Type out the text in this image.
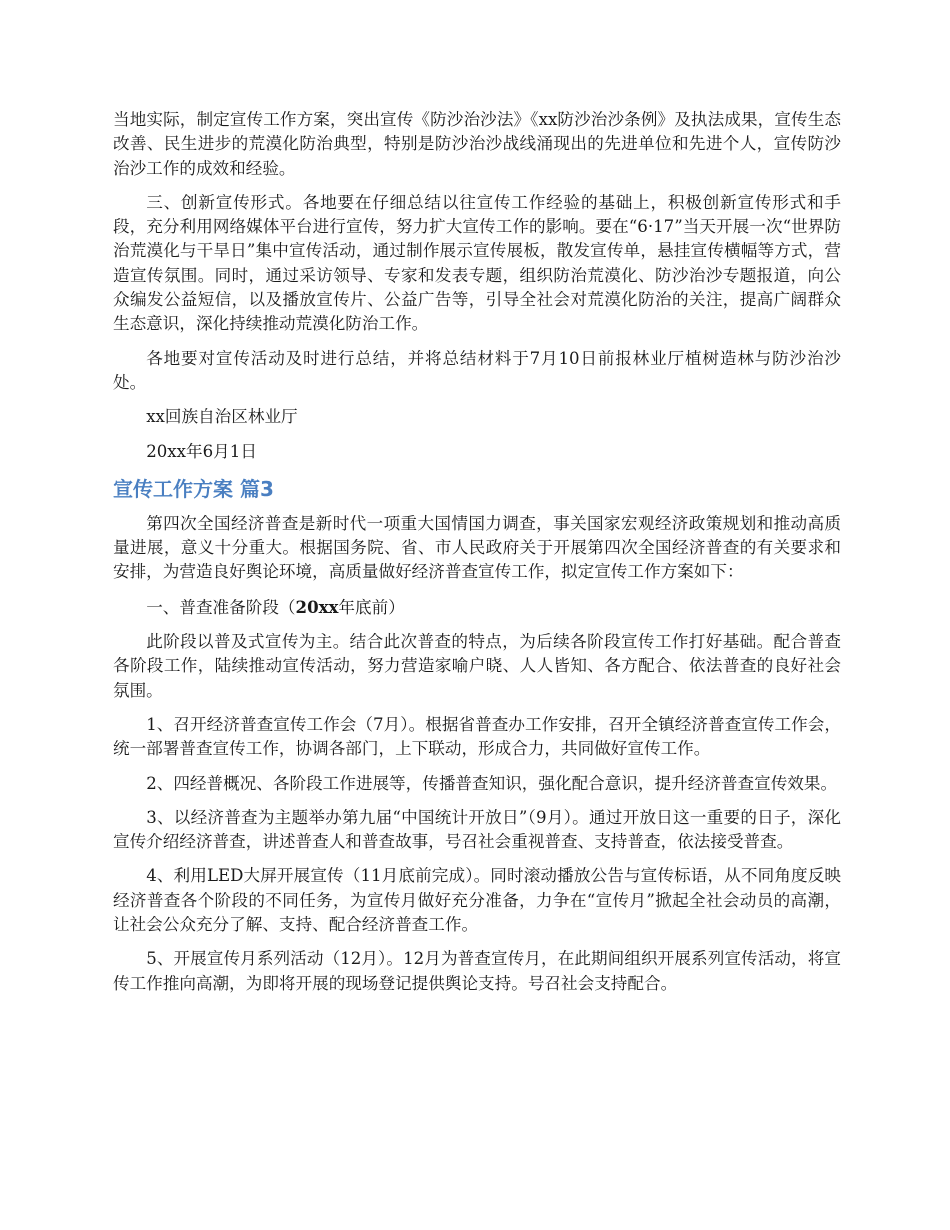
当地实际，制定宣传工作方案，突出宣传《防沙治沙法》《xx防沙治沙条例》及执法成果，宣传生态改善、民生进步的荒漠化防治典型，特别是防沙治沙战线涌现出的先进单位和先进个人，宣传防沙治沙工作的成效和经验。

三、创新宣传形式。各地要在仔细总结以往宣传工作经验的基础上，积极创新宣传形式和手段，充分利用网络媒体平台进行宣传，努力扩大宣传工作的影响。要在“6·17”当天开展一次“世界防治荒漠化与干旱日”集中宣传活动，通过制作展示宣传展板，散发宣传单，悬挂宣传横幅等方式，营造宣传氛围。同时，通过采访领导、专家和发表专题，组织防治荒漠化、防沙治沙专题报道，向公众编发公益短信，以及播放宣传片、公益广告等，引导全社会对荒漠化防治的关注，提高广阔群众生态意识，深化持续推动荒漠化防治工作。

各地要对宣传活动及时进行总结，并将总结材料于7月10日前报林业厅植树造林与防沙治沙处。

xx回族自治区林业厅

20xx年6月1日

宣传工作方案 篇3

第四次全国经济普查是新时代一项重大国情国力调查，事关国家宏观经济政策规划和推动高质量进展，意义十分重大。根据国务院、省、市人民政府关于开展第四次全国经济普查的有关要求和安排，为营造良好舆论环境，高质量做好经济普查宣传工作，拟定宣传工作方案如下：

一、普查准备阶段（20xx年底前）

此阶段以普及式宣传为主。结合此次普查的特点，为后续各阶段宣传工作打好基础。配合普查各阶段工作，陆续推动宣传活动，努力营造家喻户晓、人人皆知、各方配合、依法普查的良好社会氛围。

1、召开经济普查宣传工作会（7月）。根据省普查办工作安排，召开全镇经济普查宣传工作会，统一部署普查宣传工作，协调各部门，上下联动，形成合力，共同做好宣传工作。

2、四经普概况、各阶段工作进展等，传播普查知识，强化配合意识，提升经济普查宣传效果。

3、以经济普查为主题举办第九届“中国统计开放日”（9月）。通过开放日这一重要的日子，深化宣传介绍经济普查，讲述普查人和普查故事，号召社会重视普查、支持普查，依法接受普查。

4、利用LED大屏开展宣传（11月底前完成）。同时滚动播放公告与宣传标语，从不同角度反映经济普查各个阶段的不同任务，为宣传月做好充分准备，力争在“宣传月”掀起全社会动员的高潮，让社会公众充分了解、支持、配合经济普查工作。

5、开展宣传月系列活动（12月）。12月为普查宣传月，在此期间组织开展系列宣传活动，将宣传工作推向高潮，为即将开展的现场登记提供舆论支持。号召社会支持配合。
